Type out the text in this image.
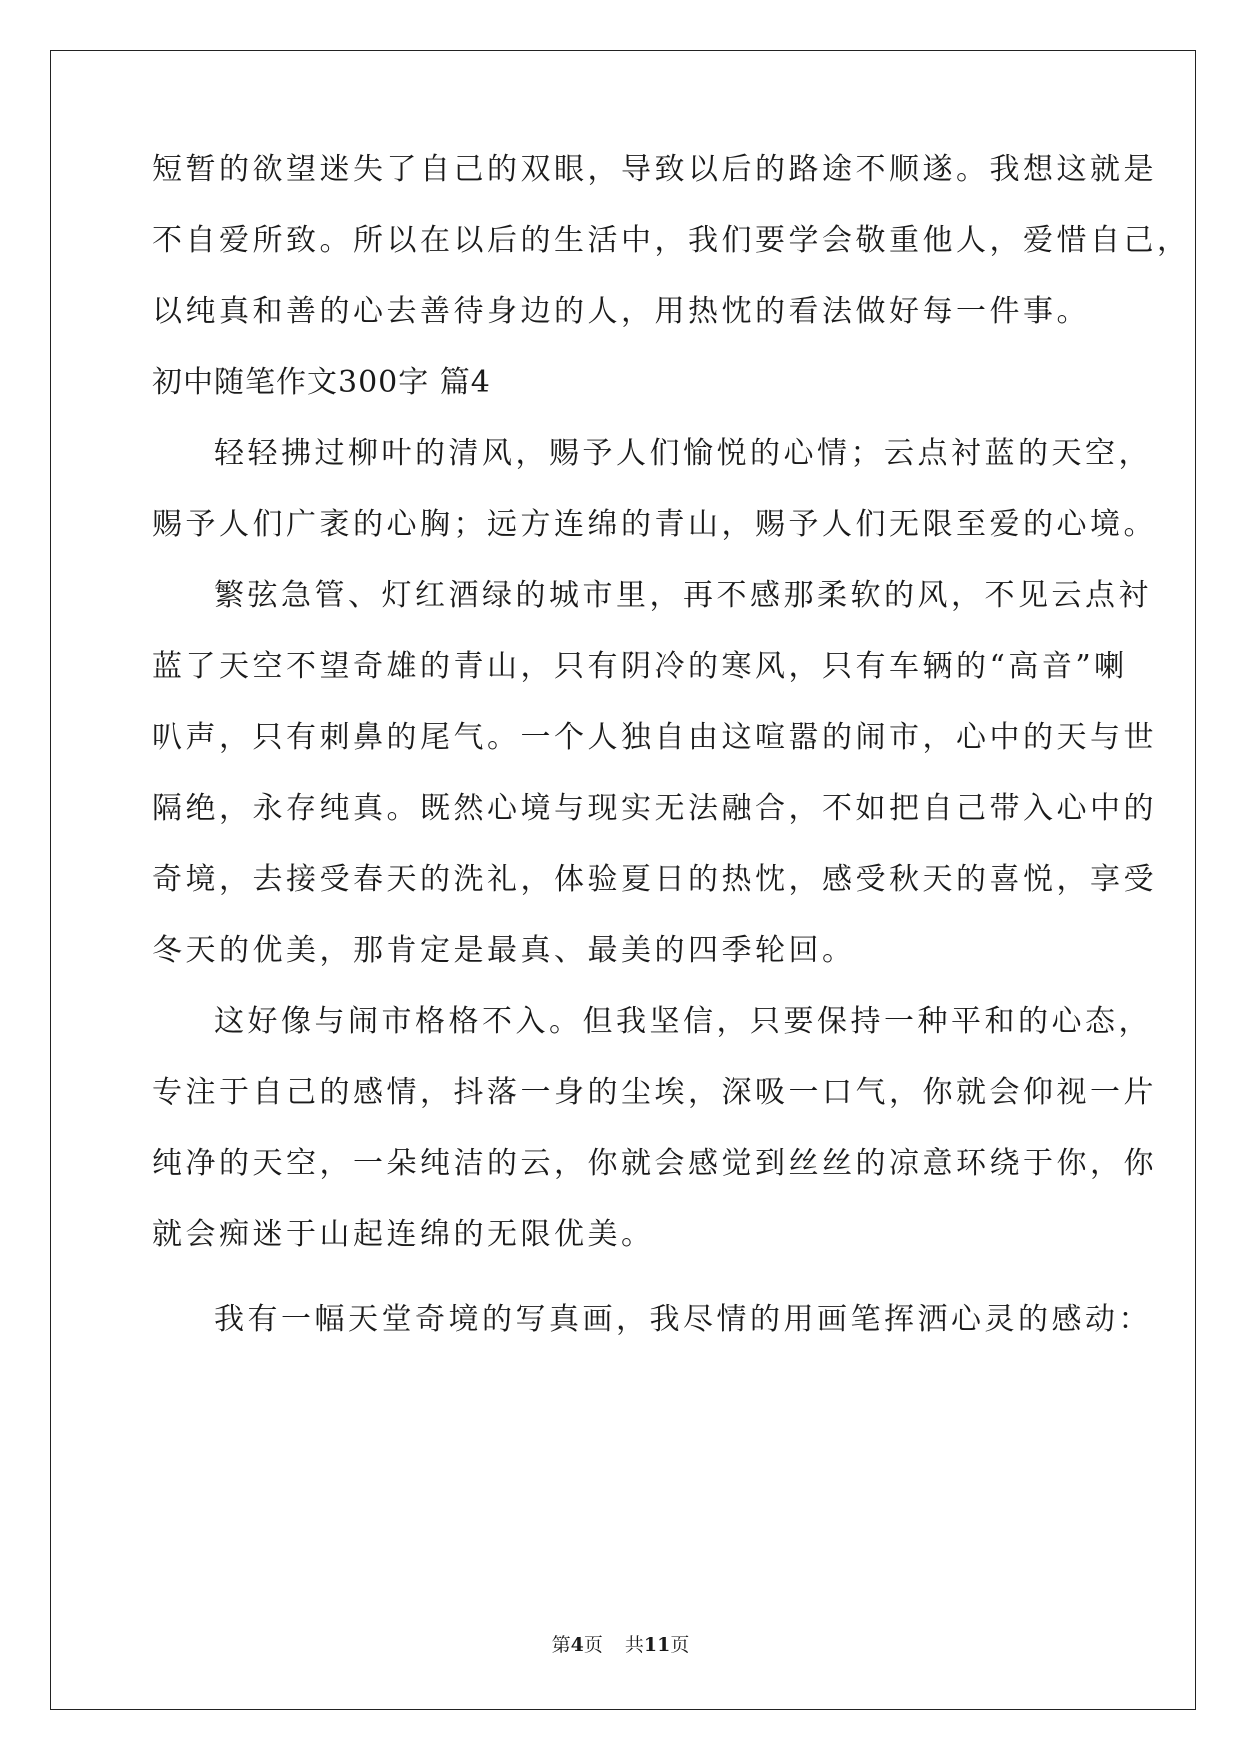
短暂的欲望迷失了自己的双眼，导致以后的路途不顺遂。我想这就是
不自爱所致。所以在以后的生活中，我们要学会敬重他人，爱惜自己，
以纯真和善的心去善待身边的人，用热忱的看法做好每一件事。
初中随笔作文300字 篇4
轻轻拂过柳叶的清风，赐予人们愉悦的心情；云点衬蓝的天空，
赐予人们广袤的心胸；远方连绵的青山，赐予人们无限至爱的心境。
繁弦急管、灯红酒绿的城市里，再不感那柔软的风，不见云点衬
蓝了天空不望奇雄的青山，只有阴冷的寒风，只有车辆的“高音”喇
叭声，只有刺鼻的尾气。一个人独自由这喧嚣的闹市，心中的天与世
隔绝，永存纯真。既然心境与现实无法融合，不如把自己带入心中的
奇境，去接受春天的洗礼，体验夏日的热忱，感受秋天的喜悦，享受
冬天的优美，那肯定是最真、最美的四季轮回。
这好像与闹市格格不入。但我坚信，只要保持一种平和的心态，
专注于自己的感情，抖落一身的尘埃，深吸一口气，你就会仰视一片
纯净的天空，一朵纯洁的云，你就会感觉到丝丝的凉意环绕于你，你
就会痴迷于山起连绵的无限优美。
我有一幅天堂奇境的写真画，我尽情的用画笔挥洒心灵的感动：
第4页 共11页
